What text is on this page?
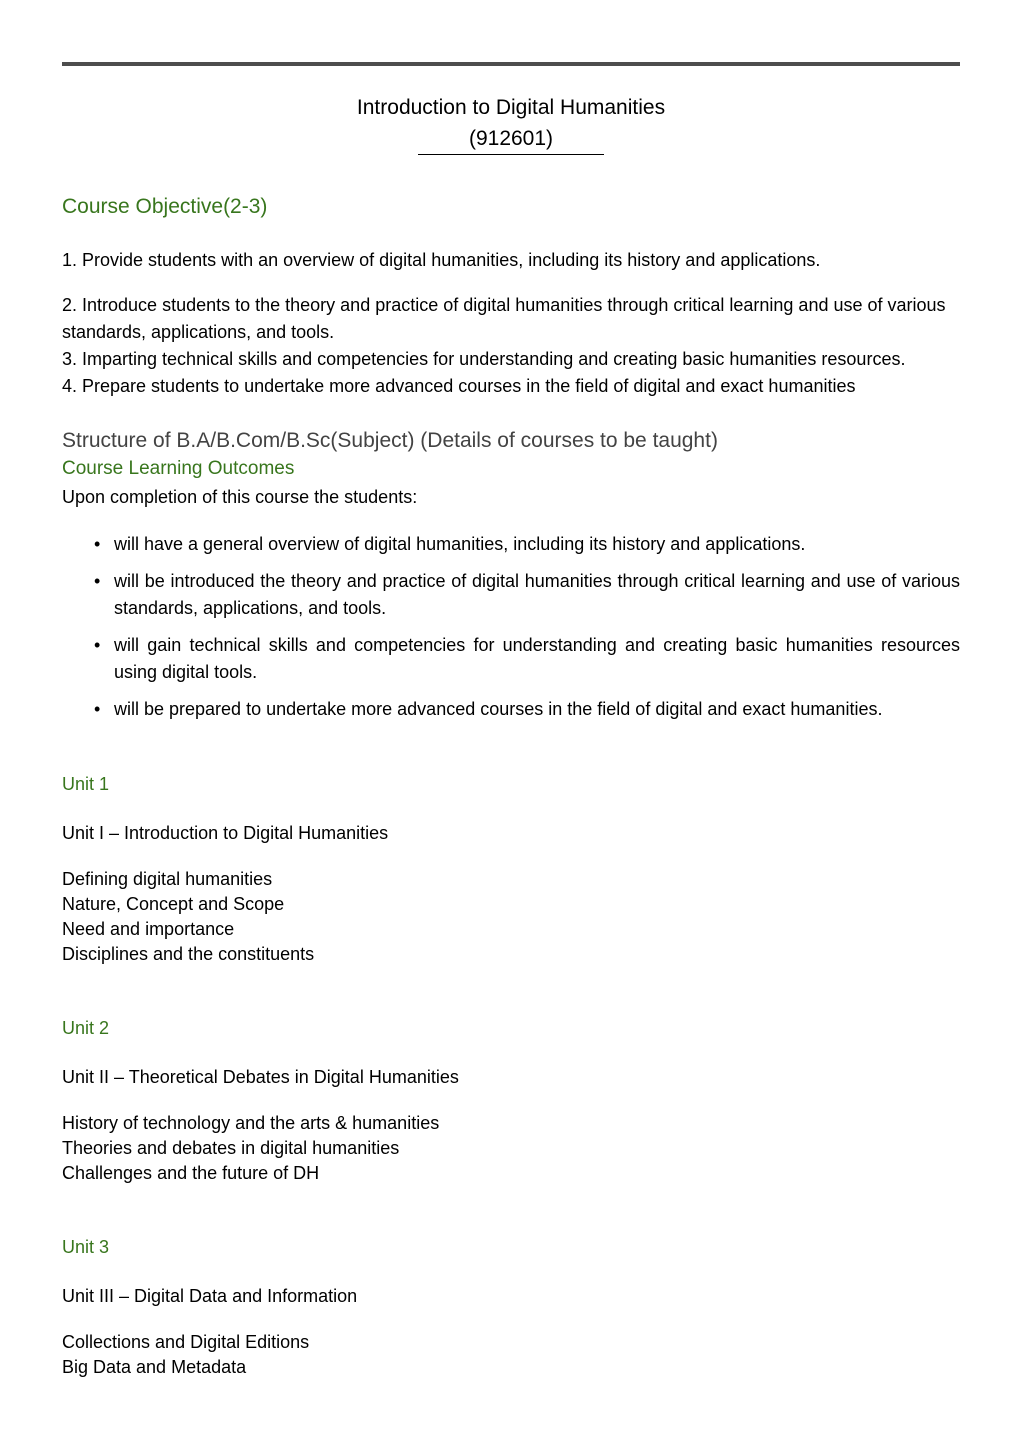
Introduction to Digital Humanities
(912601)
Course Objective(2-3)

1. Provide students with an overview of digital humanities, including its history and applications.

2. Introduce students to the theory and practice of digital humanities through critical learning and use of various standards, applications, and tools.

3. Imparting technical skills and competencies for understanding and creating basic humanities resources.

4. Prepare students to undertake more advanced courses in the field of digital and exact humanities

Structure of B.A/B.Com/B.Sc(Subject) (Details of courses to be taught)
Course Learning Outcomes

Upon completion of this course the students:

• will have a general overview of digital humanities, including its history and applications.
• will be introduced the theory and practice of digital humanities through critical learning and use of various standards, applications, and tools.
• will gain technical skills and competencies for understanding and creating basic humanities resources using digital tools.
• will be prepared to undertake more advanced courses in the field of digital and exact humanities.
Unit 1

Unit I – Introduction to Digital Humanities

Defining digital humanities

Nature, Concept and Scope

Need and importance

Disciplines and the constituents

Unit 2

Unit II – Theoretical Debates in Digital Humanities

History of technology and the arts & humanities

Theories and debates in digital humanities

Challenges and the future of DH

Unit 3

Unit III – Digital Data and Information

Collections and Digital Editions

Big Data and Metadata
